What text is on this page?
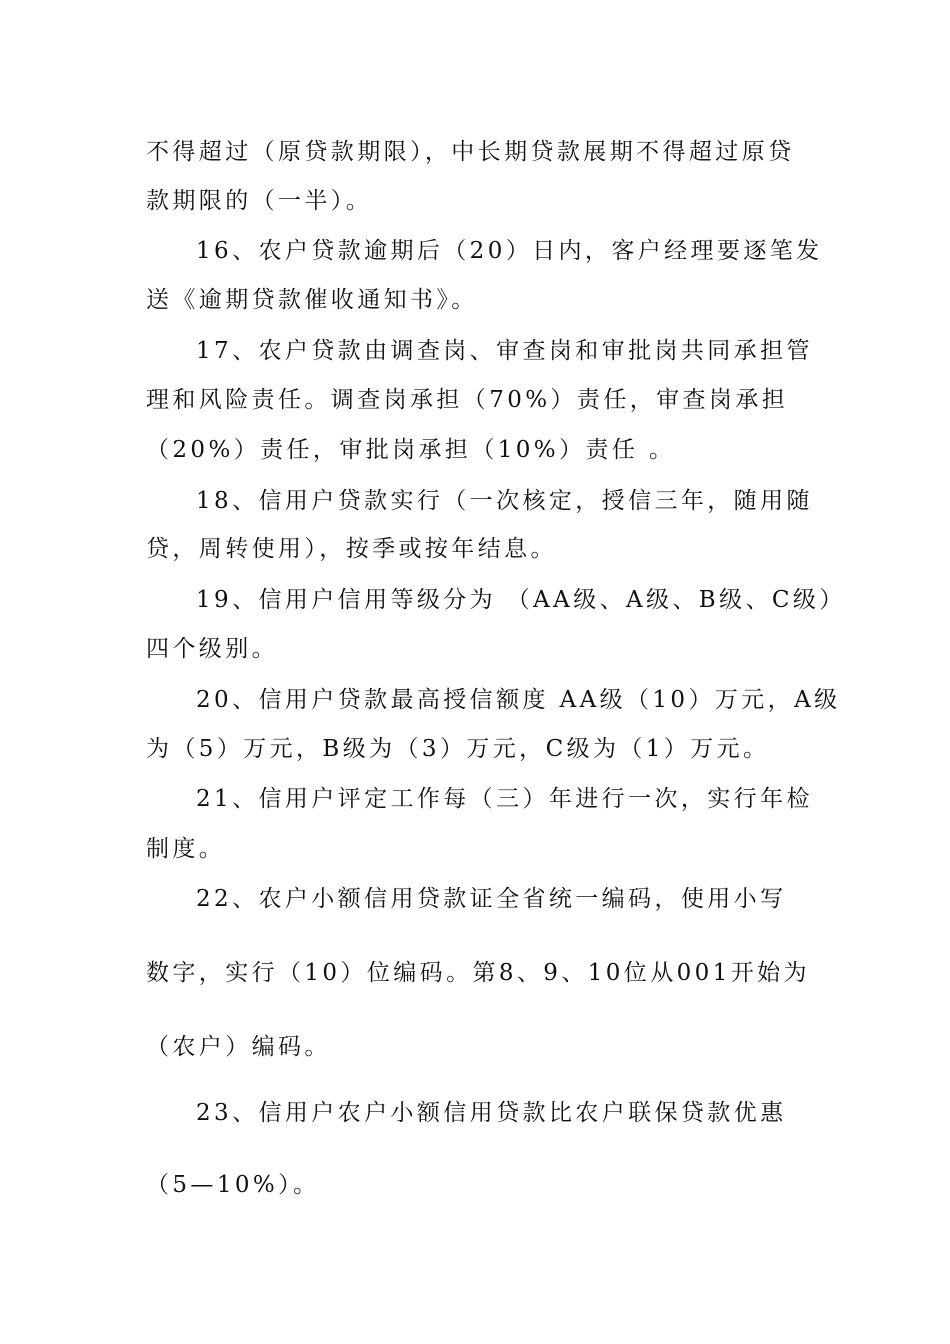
不得超过（原贷款期限），中长期贷款展期不得超过原贷
款期限的（一半）。
16、农户贷款逾期后（20）日内，客户经理要逐笔发
送《逾期贷款催收通知书》。
17、农户贷款由调查岗、审查岗和审批岗共同承担管
理和风险责任。调查岗承担（70%）责任，审查岗承担
（20%）责任，审批岗承担（10%）责任 。
18、信用户贷款实行（一次核定，授信三年，随用随
贷，周转使用），按季或按年结息。
19、信用户信用等级分为 （AA级、A级、B级、C级）
四个级别。
20、信用户贷款最高授信额度 AA级（10）万元，A级
为（5）万元，B级为（3）万元，C级为（1）万元。
21、信用户评定工作每（三）年进行一次，实行年检
制度。
22、农户小额信用贷款证全省统一编码，使用小写
数字，实行（10）位编码。第8、9、10位从001开始为
（农户）编码。
23、信用户农户小额信用贷款比农户联保贷款优惠
（5—10%）。
